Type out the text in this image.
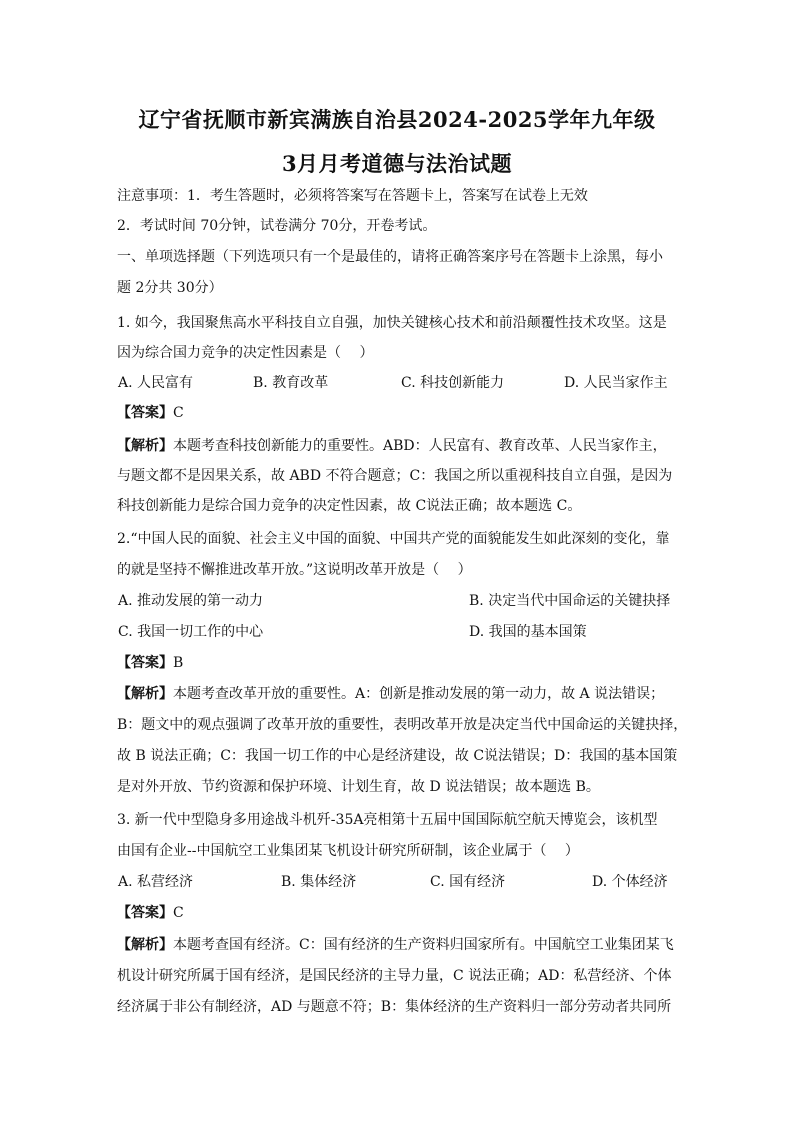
辽宁省抚顺市新宾满族自治县2024-2025学年九年级
3月月考道德与法治试题
注意事项：1．考生答题时，必须将答案写在答题卡上，答案写在试卷上无效
2．考试时间 70分钟，试卷满分 70分，开卷考试。
一、单项选择题（下列选项只有一个是最佳的，请将正确答案序号在答题卡上涂黑，每小
题 2分共 30分）
1. 如今，我国聚焦高水平科技自立自强，加快关键核心技术和前沿颠覆性技术攻坚。这是
因为综合国力竞争的决定性因素是（　 ）
A. 人民富有	B. 教育改革	C. 科技创新能力	D. 人民当家作主
【答案】C
【解析】本题考查科技创新能力的重要性。ABD：人民富有、教育改革、人民当家作主，
与题文都不是因果关系，故 ABD 不符合题意；C：我国之所以重视科技自立自强，是因为
科技创新能力是综合国力竞争的决定性因素，故 C说法正确；故本题选 C。
2.“中国人民的面貌、社会主义中国的面貌、中国共产党的面貌能发生如此深刻的变化，靠
的就是坚持不懈推进改革开放。”这说明改革开放是（　 ）
A. 推动发展的第一动力	B. 决定当代中国命运的关键抉择
C. 我国一切工作的中心	D. 我国的基本国策
【答案】B
【解析】本题考查改革开放的重要性。A：创新是推动发展的第一动力，故 A 说法错误；
B：题文中的观点强调了改革开放的重要性，表明改革开放是决定当代中国命运的关键抉择，
故 B 说法正确；C：我国一切工作的中心是经济建设，故 C说法错误；D：我国的基本国策
是对外开放、节约资源和保护环境、计划生育，故 D 说法错误；故本题选 B。
3. 新一代中型隐身多用途战斗机歼-35A亮相第十五届中国国际航空航天博览会，该机型
由国有企业--中国航空工业集团某飞机设计研究所研制，该企业属于（　 ）
A. 私营经济	B. 集体经济	C. 国有经济	D. 个体经济
【答案】C
【解析】本题考查国有经济。C：国有经济的生产资料归国家所有。中国航空工业集团某飞
机设计研究所属于国有经济，是国民经济的主导力量，C 说法正确；AD：私营经济、个体
经济属于非公有制经济，AD 与题意不符；B：集体经济的生产资料归一部分劳动者共同所
